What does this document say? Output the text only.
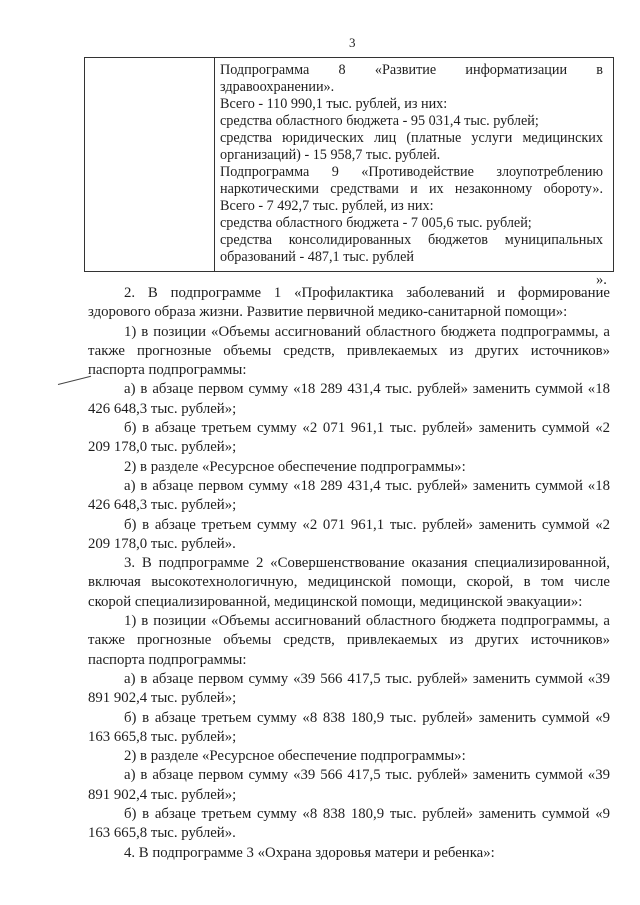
3
Подпрограмма 8 «Развитие информатизации в
здравоохранении».
Всего - 110 990,1 тыс. рублей, из них:
средства областного бюджета - 95 031,4 тыс. рублей;
средства юридических лиц (платные услуги медицинских
организаций) - 15 958,7 тыс. рублей.
Подпрограмма 9 «Противодействие злоупотреблению
наркотическими средствами и их незаконному обороту».
Всего - 7 492,7 тыс. рублей, из них:
средства областного бюджета - 7 005,6 тыс. рублей;
средства консолидированных бюджетов муниципальных
образований - 487,1 тыс. рублей
».

2. В подпрограмме 1 «Профилактика заболеваний и формирование здорового образа жизни. Развитие первичной медико-санитарной помощи»:

1) в позиции «Объемы ассигнований областного бюджета подпрограммы, а также прогнозные объемы средств, привлекаемых из других источников» паспорта подпрограммы:

а) в абзаце первом сумму «18 289 431,4 тыс. рублей» заменить суммой «18 426 648,3 тыс. рублей»;

б) в абзаце третьем сумму «2 071 961,1 тыс. рублей» заменить суммой «2 209 178,0 тыс. рублей»;

2) в разделе «Ресурсное обеспечение подпрограммы»:

а) в абзаце первом сумму «18 289 431,4 тыс. рублей» заменить суммой «18 426 648,3 тыс. рублей»;

б) в абзаце третьем сумму «2 071 961,1 тыс. рублей» заменить суммой «2 209 178,0 тыс. рублей».

3. В подпрограмме 2 «Совершенствование оказания специализированной, включая высокотехнологичную, медицинской помощи, скорой, в том числе скорой специализированной, медицинской помощи, медицинской эвакуации»:

1) в позиции «Объемы ассигнований областного бюджета подпрограммы, а также прогнозные объемы средств, привлекаемых из других источников» паспорта подпрограммы:

а) в абзаце первом сумму «39 566 417,5 тыс. рублей» заменить суммой «39 891 902,4 тыс. рублей»;

б) в абзаце третьем сумму «8 838 180,9 тыс. рублей» заменить суммой «9 163 665,8 тыс. рублей»;

2) в разделе «Ресурсное обеспечение подпрограммы»:

а) в абзаце первом сумму «39 566 417,5 тыс. рублей» заменить суммой «39 891 902,4 тыс. рублей»;

б) в абзаце третьем сумму «8 838 180,9 тыс. рублей» заменить суммой «9 163 665,8 тыс. рублей».

4. В подпрограмме 3 «Охрана здоровья матери и ребенка»:
